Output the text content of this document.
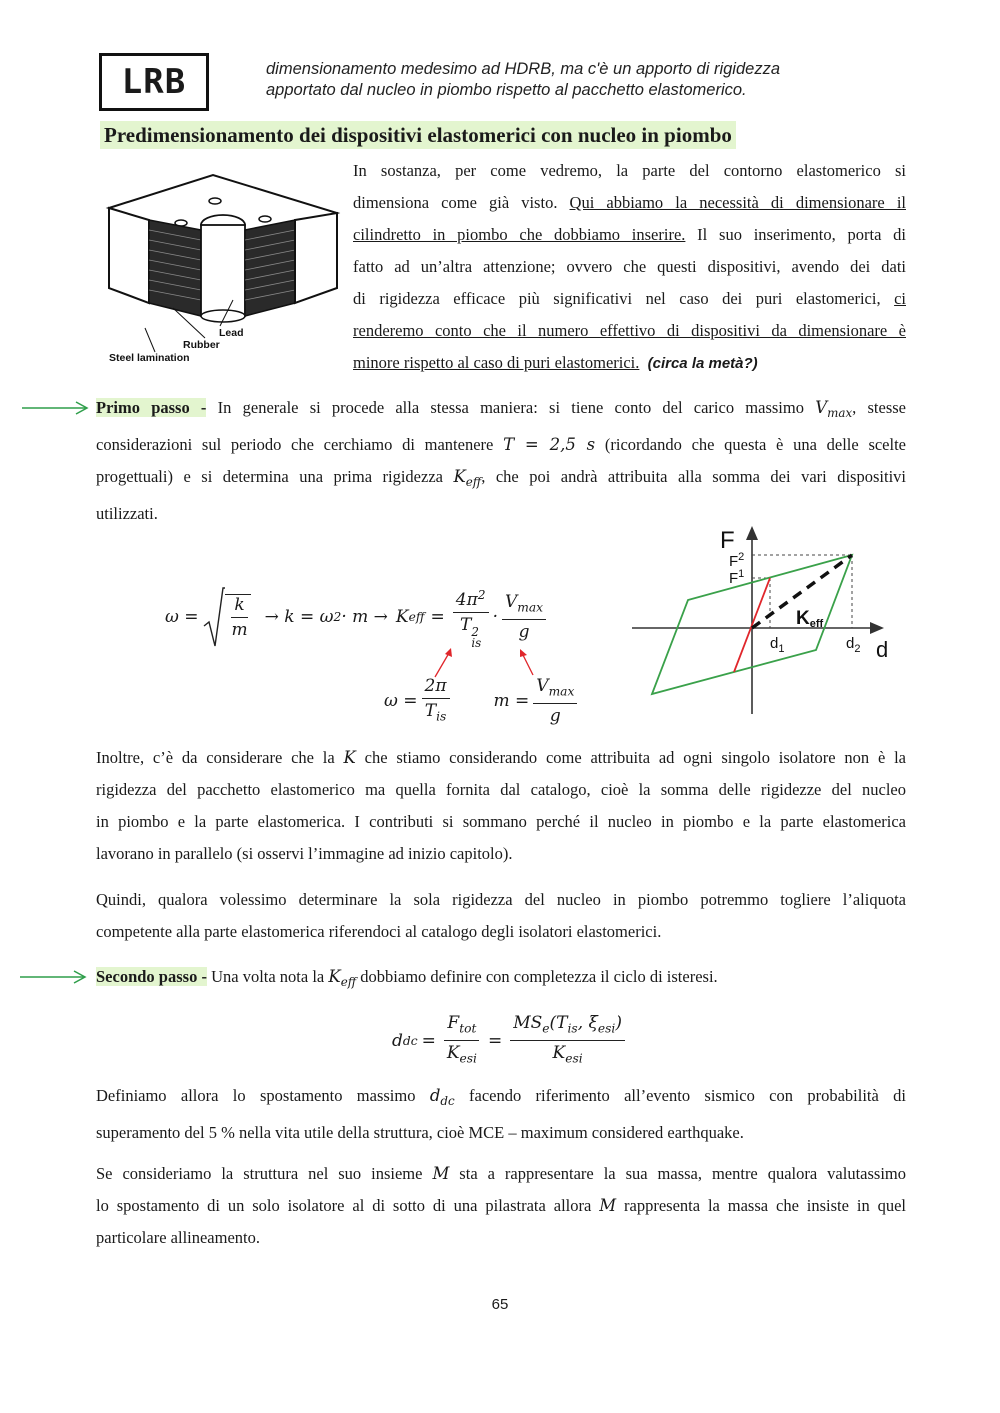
LRB	dimensionamento medesimo ad HDRB, ma c'è un apporto di rigidezza
apportato dal nucleo in piombo rispetto al pacchetto elastomerico.
Predimensionamento dei dispositivi elastomerici con nucleo in piombo
Lead
Rubber
Steel lamination
In sostanza, per come vedremo, la parte del contorno elastomerico si
dimensiona come già visto. Qui abbiamo la necessità di dimensionare il
cilindretto in piombo che dobbiamo inserire. Il suo inserimento, porta di
fatto ad un’altra attenzione; ovvero che questi dispositivi, avendo dei dati
di rigidezza efficace più significativi nel caso dei puri elastomerici, ci
renderemo conto che il numero effettivo di dispositivi da dimensionare è
minore rispetto al caso di puri elastomerici. (circa la metà?)
Primo passo - In generale si procede alla stessa maniera: si tiene conto del carico massimo $V_{max}$, stesse
considerazioni sul periodo che cerchiamo di mantenere T = 2,5 s (ricordando che questa è una delle scelte
progettuali) e si determina una prima rigidezza $K_{eff}$, che poi andrà attribuita alla somma dei vari dispositivi
utilizzati.
$\omega = \frac{k}{m} \to k = \omega$ 2 · m → K eff = $4\pi^2$
T 2
is · $\frac{V_{max}}{g}$
$\omega = \frac{2\pi}{T_{is}}$	$m = \frac{V_{max}}{g}$
F
$F^2$
$F^1$
Keff
$d_1$	$d_2$ d
Inoltre, c’è da considerare che la K che stiamo considerando come attribuita ad ogni singolo isolatore non è la
rigidezza del pacchetto elastomerico ma quella fornita dal catalogo, cioè la somma delle rigidezze del nucleo
in piombo e la parte elastomerica. I contributi si sommano perché il nucleo in piombo e la parte elastomerica
lavorano in parallelo (si osservi l’immagine ad inizio capitolo).
Quindi, qualora volessimo determinare la sola rigidezza del nucleo in piombo potremmo togliere l’aliquota
competente alla parte elastomerica riferendoci al catalogo degli isolatori elastomerici.
Secondo passo - Una volta nota la $K_{eff}$ dobbiamo definire con completezza il ciclo di isteresi.
d dc = $\frac{F_{tot}}{K_{esi}} = \frac{MS_e(T_{is}, \xi_{esi})}{K_{esi}}$
Definiamo allora lo spostamento massimo $d_{dc}$ facendo riferimento all’evento sismico con probabilità di
superamento del 5 % nella vita utile della struttura, cioè MCE – maximum considered earthquake.
Se consideriamo la struttura nel suo insieme M sta a rappresentare la sua massa, mentre qualora valutassimo
lo spostamento di un solo isolatore al di sotto di una pilastrata allora M rappresenta la massa che insiste in quel
particolare allineamento.
65
